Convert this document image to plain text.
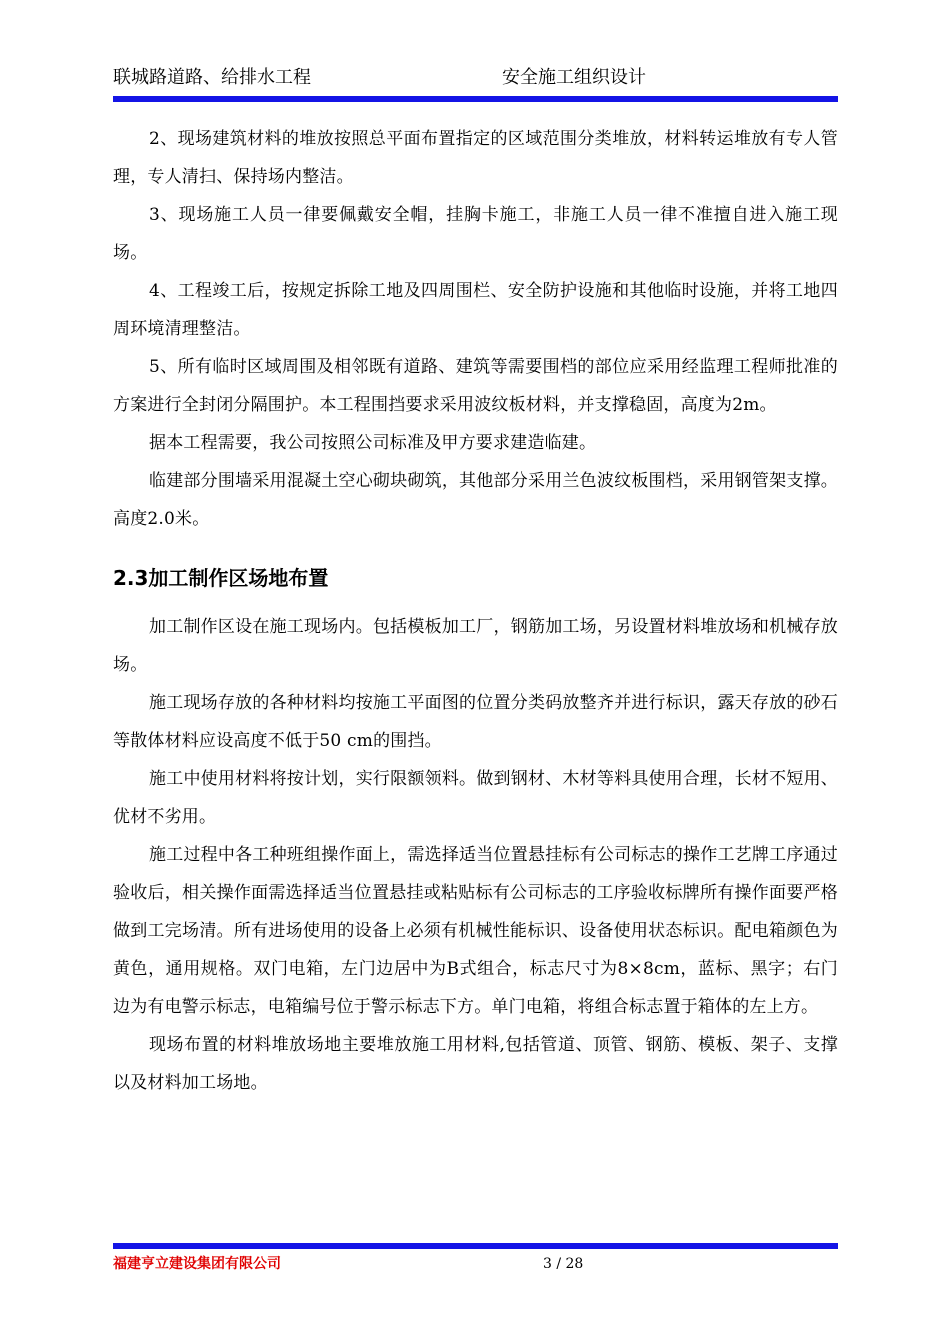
联城路道路、给排水工程	安全施工组织设计

2、现场建筑材料的堆放按照总平面布置指定的区域范围分类堆放，材料转运堆放有专人管理，专人清扫、保持场内整洁。

3、现场施工人员一律要佩戴安全帽，挂胸卡施工，非施工人员一律不准擅自进入施工现场。

4、工程竣工后，按规定拆除工地及四周围栏、安全防护设施和其他临时设施，并将工地四周环境清理整洁。

5、所有临时区域周围及相邻既有道路、建筑等需要围档的部位应采用经监理工程师批准的方案进行全封闭分隔围护。本工程围挡要求采用波纹板材料，并支撑稳固，高度为2m。

据本工程需要，我公司按照公司标准及甲方要求建造临建。

临建部分围墙采用混凝土空心砌块砌筑，其他部分采用兰色波纹板围档，采用钢管架支撑。高度2.0米。

2.3加工制作区场地布置

加工制作区设在施工现场内。包括模板加工厂，钢筋加工场，另设置材料堆放场和机械存放场。

施工现场存放的各种材料均按施工平面图的位置分类码放整齐并进行标识，露天存放的砂石等散体材料应设高度不低于50 cm的围挡。

施工中使用材料将按计划，实行限额领料。做到钢材、木材等料具使用合理，长材不短用、优材不劣用。

施工过程中各工种班组操作面上，需选择适当位置悬挂标有公司标志的操作工艺牌工序通过验收后，相关操作面需选择适当位置悬挂或粘贴标有公司标志的工序验收标牌所有操作面要严格做到工完场清。所有进场使用的设备上必须有机械性能标识、设备使用状态标识。配电箱颜色为黄色，通用规格。双门电箱，左门边居中为B式组合，标志尺寸为8×8cm，蓝标、黑字；右门边为有电警示标志，电箱编号位于警示标志下方。单门电箱，将组合标志置于箱体的左上方。

现场布置的材料堆放场地主要堆放施工用材料,包括管道、顶管、钢筋、模板、架子、支撑以及材料加工场地。

福建亨立建设集团有限公司	3 / 28
